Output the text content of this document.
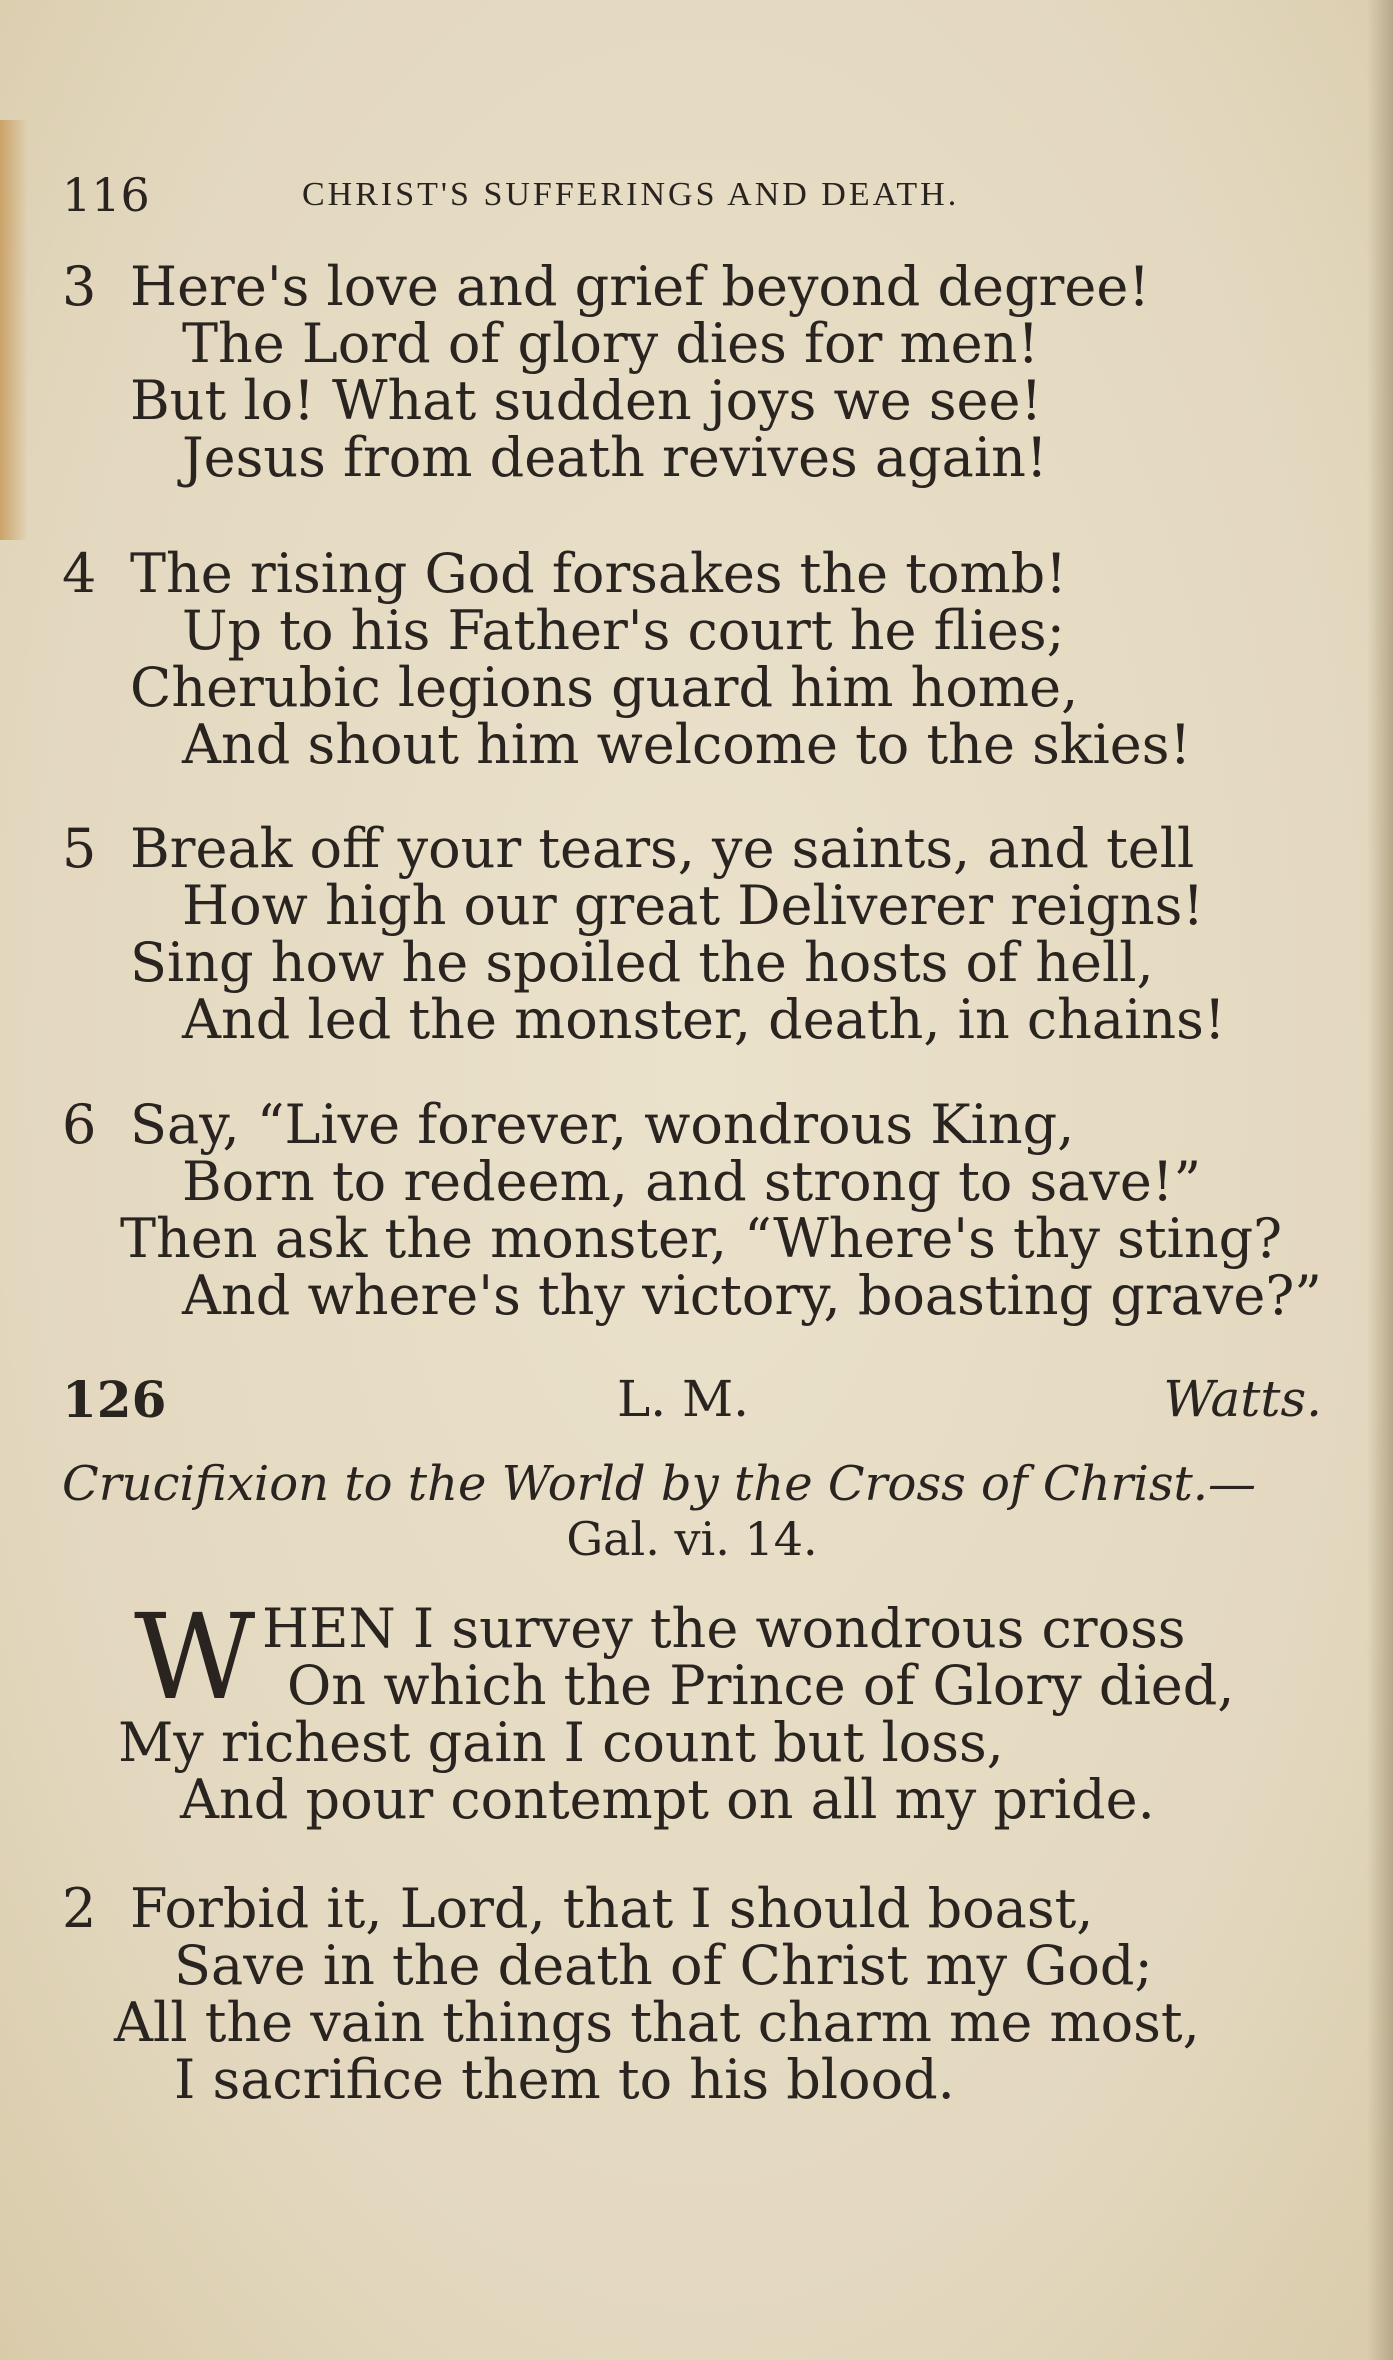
116	CHRIST'S SUFFERINGS AND DEATH.
3 Here's love and grief beyond degree!
The Lord of glory dies for men!
But lo! What sudden joys we see!
Jesus from death revives again!
4 The rising God forsakes the tomb!
Up to his Father's court he flies;
Cherubic legions guard him home,
And shout him welcome to the skies!
5 Break off your tears, ye saints, and tell
How high our great Deliverer reigns!
Sing how he spoiled the hosts of hell,
And led the monster, death, in chains!
6 Say, “Live forever, wondrous King,
Born to redeem, and strong to save!”
Then ask the monster, “Where's thy sting?
And where's thy victory, boasting grave?”
126	L. M.	Watts.
Crucifixion to the World by the Cross of Christ.—
Gal. vi. 14.
W HEN I survey the wondrous cross
On which the Prince of Glory died,
My richest gain I count but loss,
And pour contempt on all my pride.
2 Forbid it, Lord, that I should boast,
Save in the death of Christ my God;
All the vain things that charm me most,
I sacrifice them to his blood.
